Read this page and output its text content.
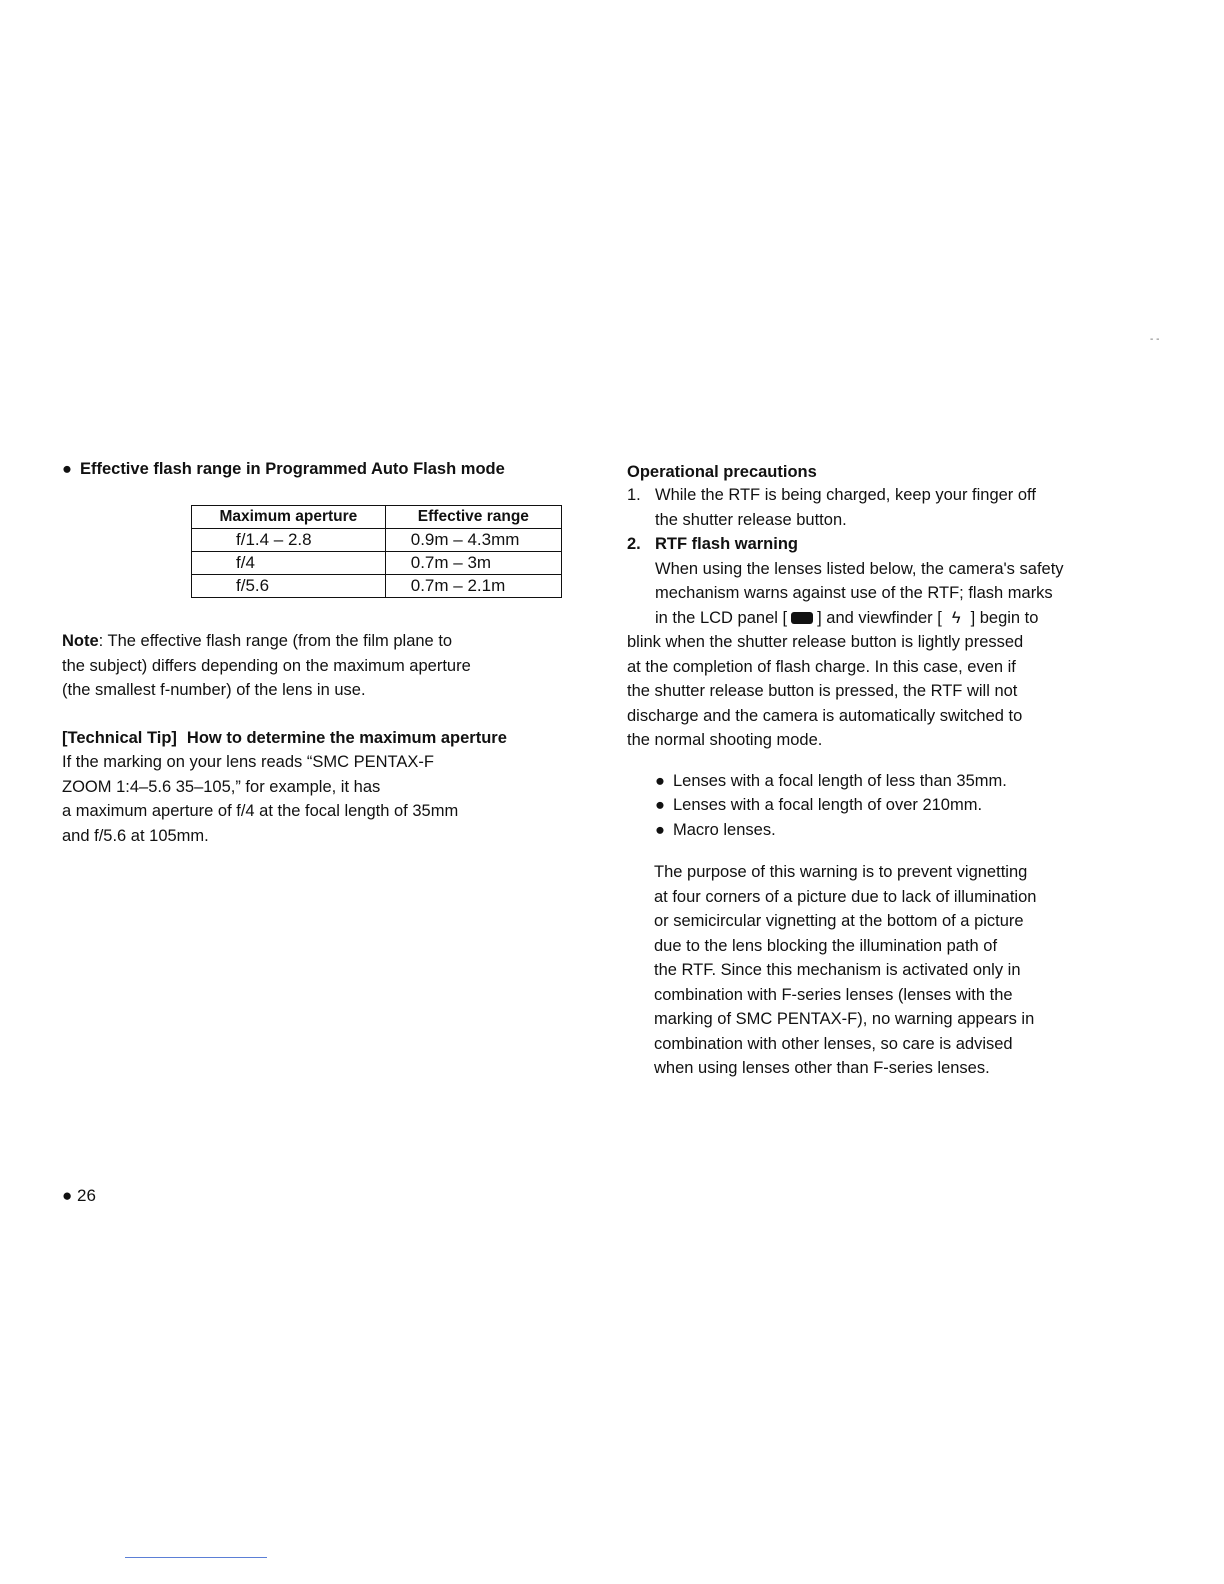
- -

● Effective flash range in Programmed Auto Flash mode

Maximum aperture	Effective range
f/1.4 – 2.8	0.9m – 4.3mm
f/4	0.7m – 3m
f/5.6	0.7m – 2.1m

Note: The effective flash range (from the film plane to
the subject) differs depending on the maximum aperture
(the smallest f-number) of the lens in use.

[Technical Tip] How to determine the maximum aperture
If the marking on your lens reads “SMC PENTAX-F
ZOOM 1:4–5.6 35–105,” for example, it has
a maximum aperture of f/4 at the focal length of 35mm
and f/5.6 at 105mm.

Operational precautions

1. While the RTF is being charged, keep your finger off
the shutter release button.
2. RTF flash warning
When using the lenses listed below, the camera's safety
mechanism warns against use of the RTF; flash marks
in the LCD panel [ ] and viewfinder [ ϟ ] begin to

blink when the shutter release button is lightly pressed
at the completion of flash charge. In this case, even if
the shutter release button is pressed, the RTF will not
discharge and the camera is automatically switched to
the normal shooting mode.

● Lenses with a focal length of less than 35mm.
● Lenses with a focal length of over 210mm.
● Macro lenses.

The purpose of this warning is to prevent vignetting
at four corners of a picture due to lack of illumination
or semicircular vignetting at the bottom of a picture
due to the lens blocking the illumination path of
the RTF. Since this mechanism is activated only in
combination with F-series lenses (lenses with the
marking of SMC PENTAX-F), no warning appears in
combination with other lenses, so care is advised
when using lenses other than F-series lenses.

● 26
